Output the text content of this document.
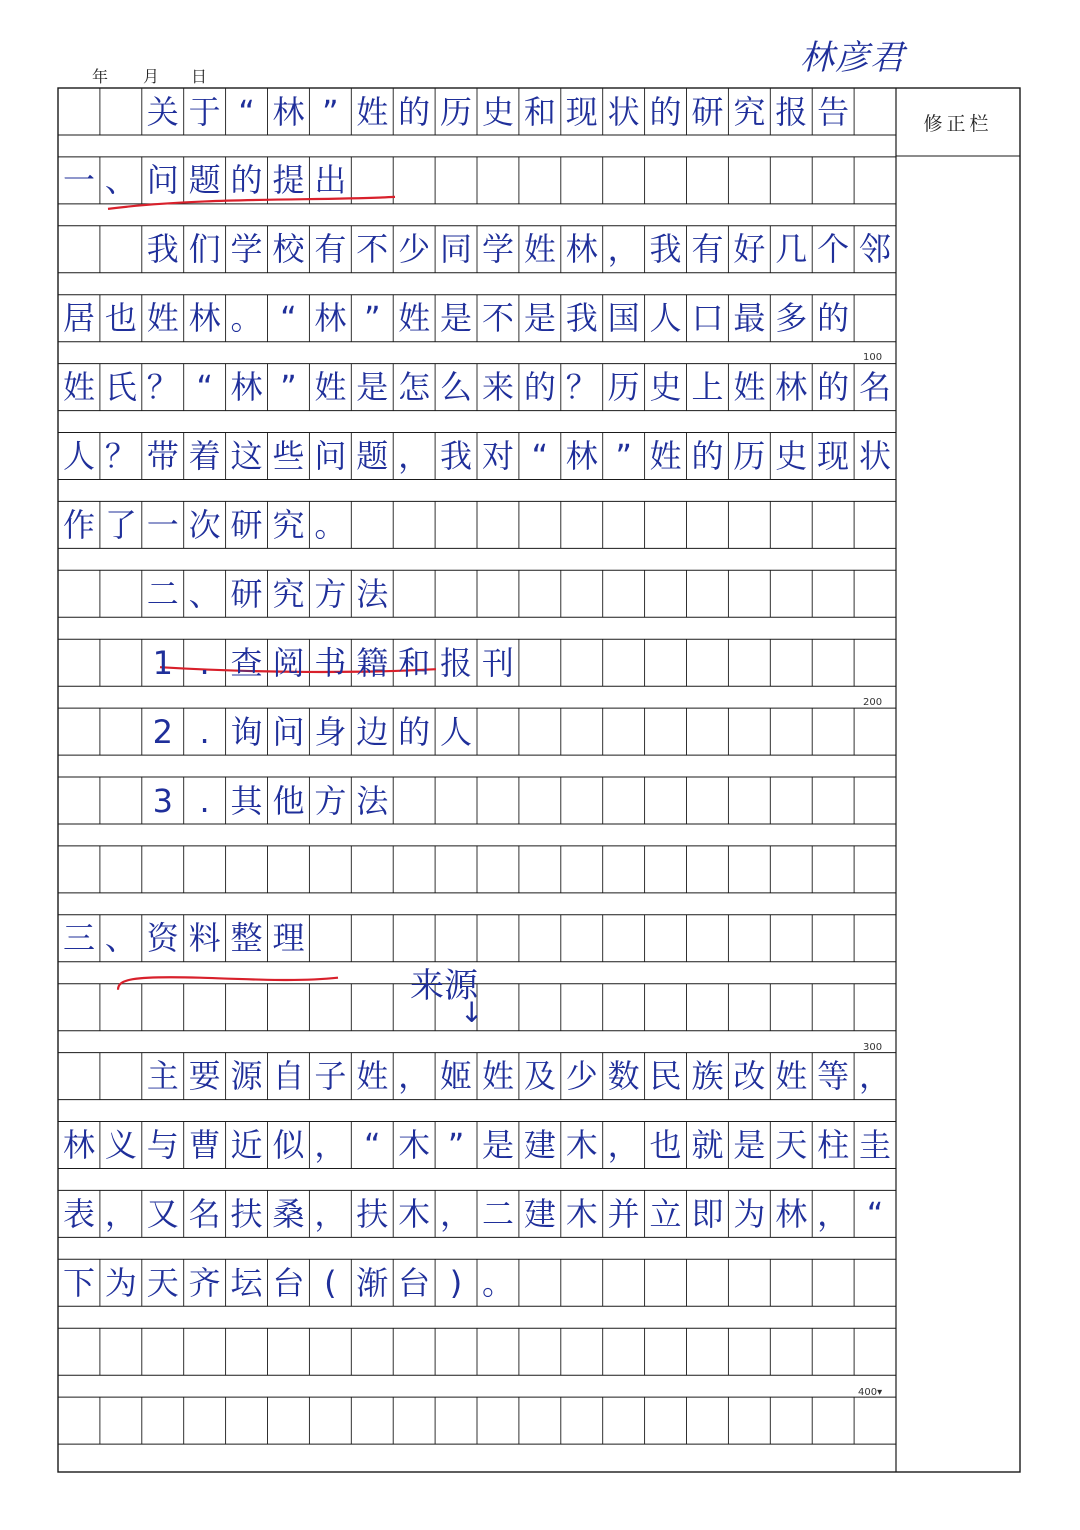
年 月 日	林彦君
修正栏
100
200
300
400▾
来源
↓
关 于 “ 林 ” 姓 的 历 史 和 现 状 的 研 究 报 告
一 、 问 题 的 提 出
我 们 学 校 有 不 少 同 学 姓 林 ， 我 有 好 几 个 邻
居 也 姓 林 。 “ 林 ” 姓 是 不 是 我 国 人 口 最 多 的
姓 氏 ？ “ 林 ” 姓 是 怎 么 来 的 ？ 历 史 上 姓 林 的 名
人 ？ 带 着 这 些 问 题 ， 我 对 “ 林 ” 姓 的 历 史 现 状
作 了 一 次 研 究 。
二 、 研 究 方 法
1 . 查 阅 书 籍 和 报 刊
2 . 询 问 身 边 的 人
3 . 其 他 方 法
三 、 资 料 整 理
主 要 源 自 子 姓 ， 姬 姓 及 少 数 民 族 改 姓 等 ，
林 义 与 曹 近 似 ， “ 木 ” 是 建 木 ， 也 就 是 天 柱 圭
表 ， 又 名 扶 桑 ， 扶 木 ， 二 建 木 并 立 即 为 林 ， “
下 为 天 齐 坛 台 ( 渐 台 ) 。
